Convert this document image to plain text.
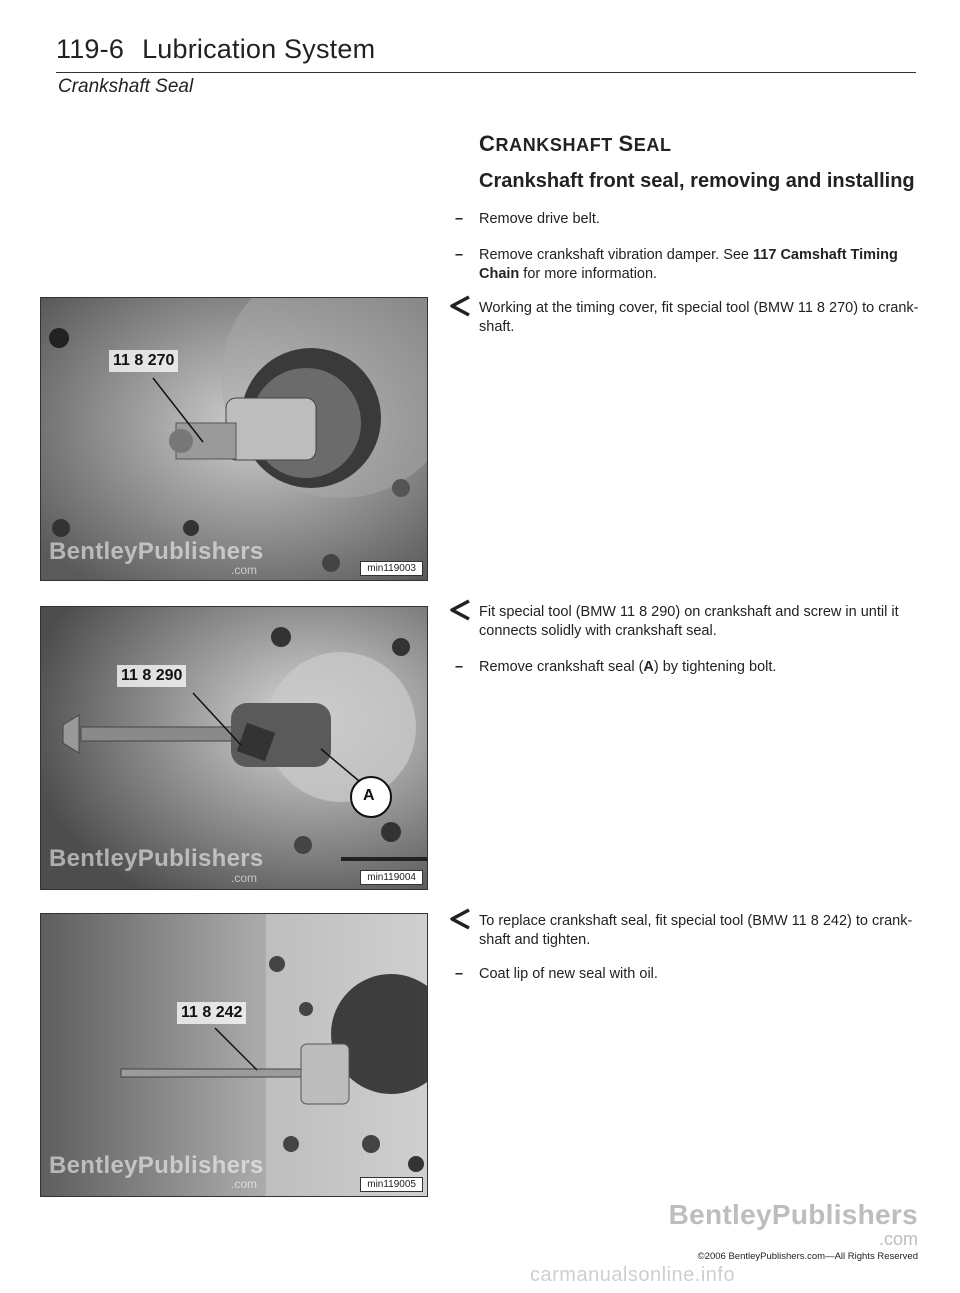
119-6 Lubrication System
Crankshaft Seal
CRANKSHAFT SEAL
Crankshaft front seal, removing and installing
–	Remove drive belt.
–	Remove crankshaft vibration damper. See 117 Camshaft Timing Chain for more information.
Working at the timing cover, fit special tool (BMW 11 8 270) to crank-shaft.
Fit special tool (BMW 11 8 290) on crankshaft and screw in until it connects solidly with crankshaft seal.
–	Remove crankshaft seal (A) by tightening bolt.
To replace crankshaft seal, fit special tool (BMW 11 8 242) to crank-shaft and tighten.
–	Coat lip of new seal with oil.
11 8 270
BentleyPublishers
.com	min119003
11 8 290
A
BentleyPublishers
.com	min119004
11 8 242
BentleyPublishers
.com	min119005
BentleyPublishers
.com
©2006 BentleyPublishers.com—All Rights Reserved
carmanualsonline.info
